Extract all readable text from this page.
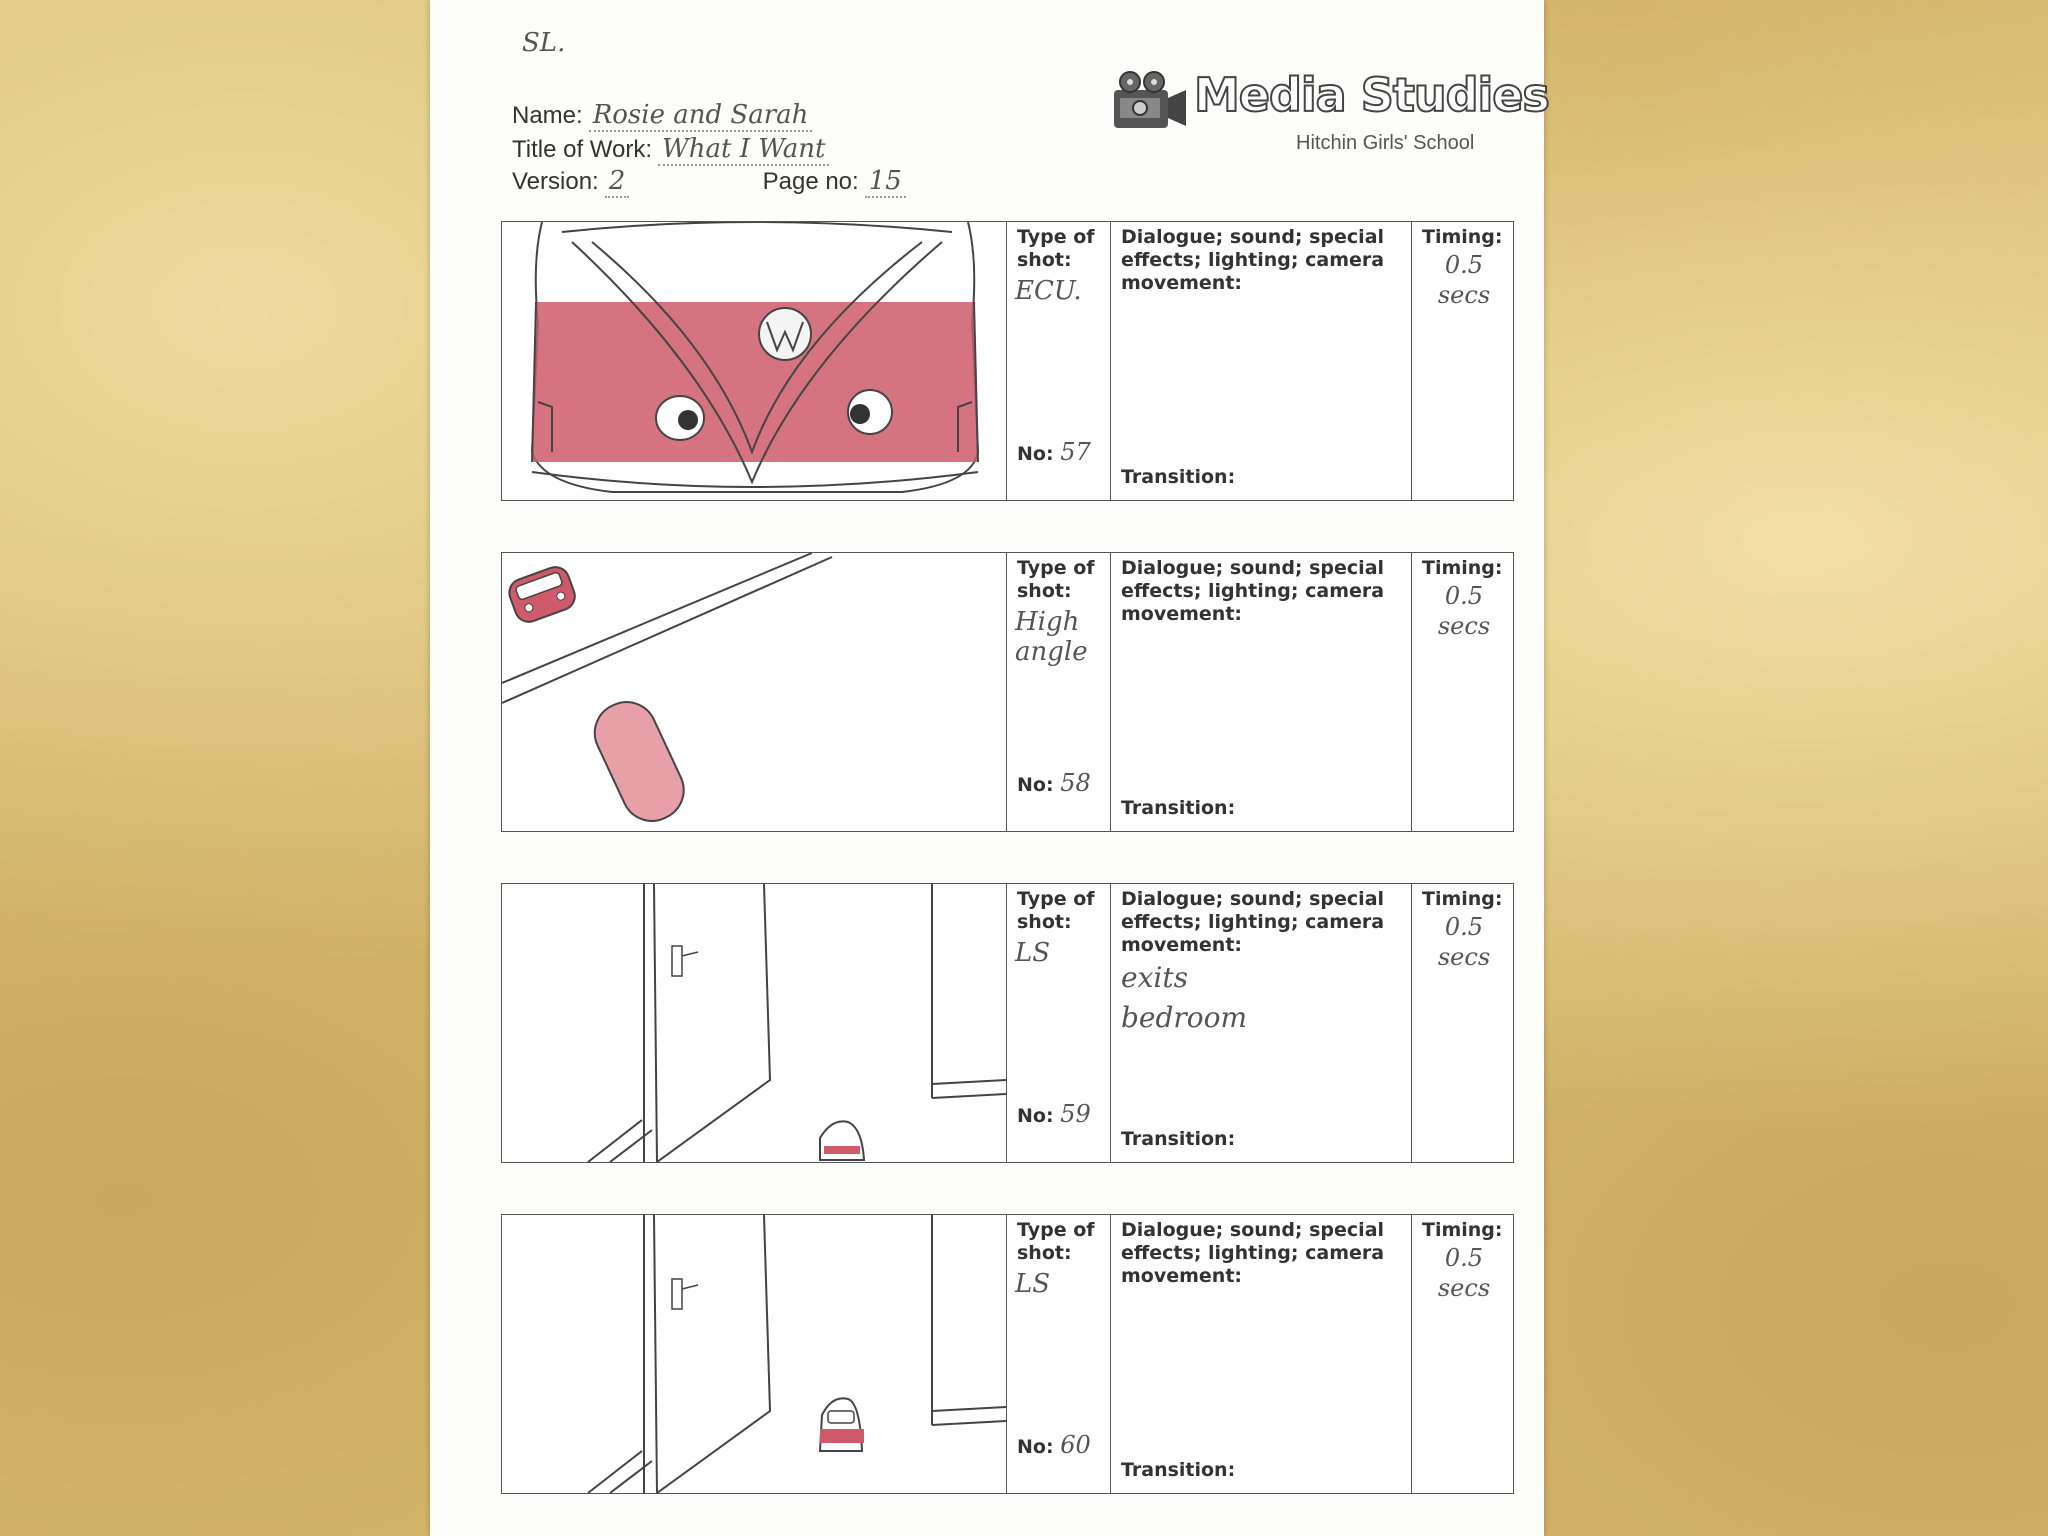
SL.
Name: Rosie and Sarah
Title of Work: What I Want
Version: 2	Page no: 15
Media Studies
Hitchin Girls' School
Type of shot:
ECU.
No: 57
Dialogue; sound; special effects; lighting; camera movement:
Transition:
Timing:
0.5 secs
Type of shot:
High angle
No: 58
Dialogue; sound; special effects; lighting; camera movement:
Transition:
Timing:
0.5 secs
Type of shot:
LS
No: 59
Dialogue; sound; special effects; lighting; camera movement:
exits bedroom
Transition:
Timing:
0.5 secs
Type of shot:
LS
No: 60
Dialogue; sound; special effects; lighting; camera movement:
Transition:
Timing:
0.5 secs
